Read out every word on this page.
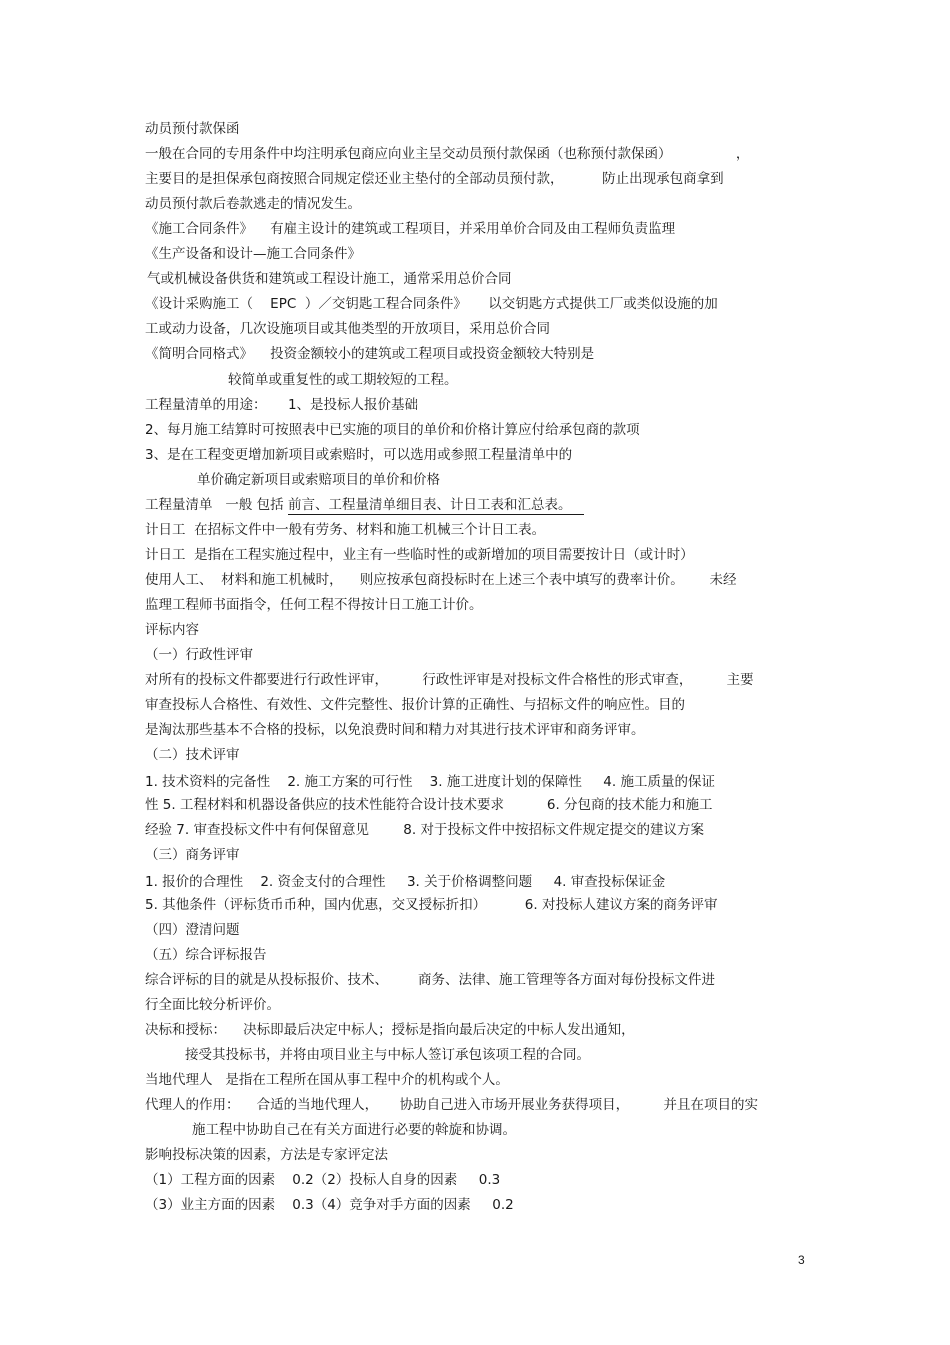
动员预付款保函
一般在合同的专用条件中均注明承包商应向业主呈交动员预付款保函（也称预付款保函）               ，
主要目的是担保承包商按照合同规定偿还业主垫付的全部动员预付款，         防止出现承包商拿到
动员预付款后卷款逃走的情况发生。
《施工合同条件》    有雇主设计的建筑或工程项目，并采用单价合同及由工程师负责监理
《生产设备和设计—施工合同条件》
气或机械设备供货和建筑或工程设计施工，通常采用总价合同
《设计采购施工（    EPC  ）／交钥匙工程合同条件》     以交钥匙方式提供工厂或类似设施的加
工或动力设备，几次设施项目或其他类型的开放项目，采用总价合同
《简明合同格式》    投资金额较小的建筑或工程项目或投资金额较大特别是
较简单或重复性的或工期较短的工程。
工程量清单的用途：     1、是投标人报价基础
2、每月施工结算时可按照表中已实施的项目的单价和价格计算应付给承包商的款项
3、是在工程变更增加新项目或索赔时，可以选用或参照工程量清单中的
单价确定新项目或索赔项目的单价和价格
工程量清单   一般 包括 前言、工程量清单细目表、计日工表和汇总表。
计日工  在招标文件中一般有劳务、材料和施工机械三个计日工表。
计日工  是指在工程实施过程中，业主有一些临时性的或新增加的项目需要按计日（或计时）
使用人工、  材料和施工机械时，    则应按承包商投标时在上述三个表中填写的费率计价。      未经
监理工程师书面指令，任何工程不得按计日工施工计价。
评标内容
（一）行政性评审
对所有的投标文件都要进行行政性评审，        行政性评审是对投标文件合格性的形式审查，        主要
审查投标人合格性、有效性、文件完整性、报价计算的正确性、与招标文件的响应性。目的
是淘汰那些基本不合格的投标，以免浪费时间和精力对其进行技术评审和商务评审。
（二）技术评审
1. 技术资料的完备性    2. 施工方案的可行性    3. 施工进度计划的保障性     4. 施工质量的保证
性 5. 工程材料和机器设备供应的技术性能符合设计技术要求          6. 分包商的技术能力和施工
经验 7. 审查投标文件中有何保留意见        8. 对于投标文件中按招标文件规定提交的建议方案
（三）商务评审
1. 报价的合理性    2. 资金支付的合理性     3. 关于价格调整问题     4. 审查投标保证金
5. 其他条件（评标货币币种，国内优惠，交叉授标折扣）         6. 对投标人建议方案的商务评审
（四）澄清问题
（五）综合评标报告
综合评标的目的就是从投标报价、技术、       商务、法律、施工管理等各方面对每份投标文件进
行全面比较分析评价。
决标和授标：    决标即最后决定中标人；授标是指向最后决定的中标人发出通知，
接受其投标书，并将由项目业主与中标人签订承包该项工程的合同。
当地代理人   是指在工程所在国从事工程中介的机构或个人。
代理人的作用：    合适的当地代理人，     协助自己进入市场开展业务获得项目，        并且在项目的实
施工程中协助自己在有关方面进行必要的斡旋和协调。
影响投标决策的因素，方法是专家评定法
（1）工程方面的因素    0.2（2）投标人自身的因素     0.3
（3）业主方面的因素    0.3（4）竞争对手方面的因素     0.2
3
